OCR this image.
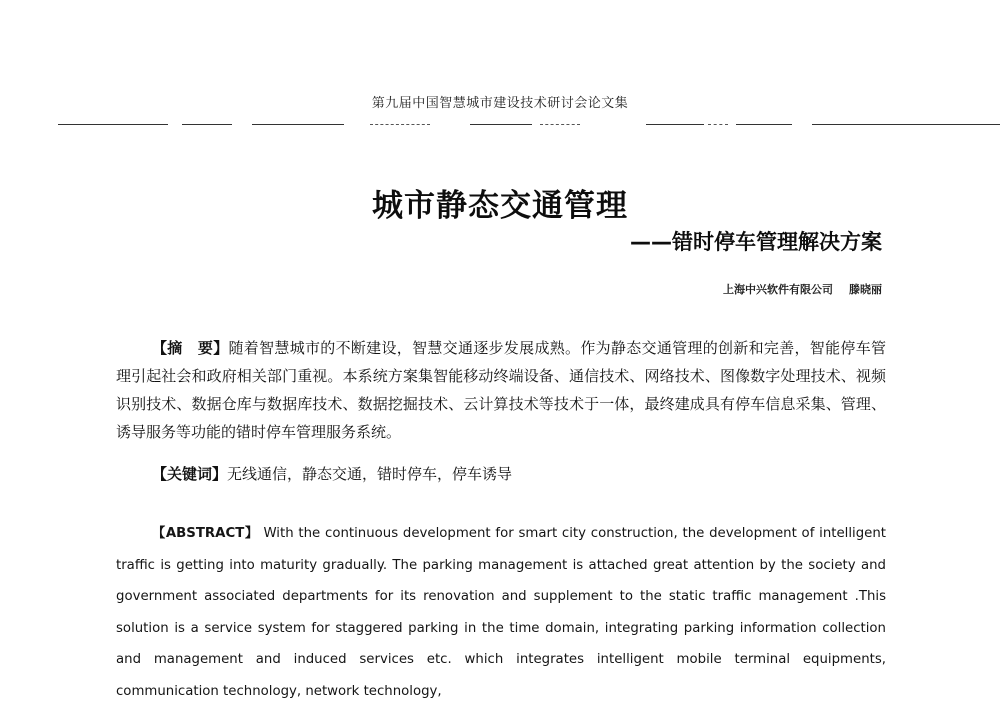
第九届中国智慧城市建设技术研讨会论文集
城市静态交通管理
——错时停车管理解决方案
上海中兴软件有限公司 滕晓丽

【摘　要】随着智慧城市的不断建设，智慧交通逐步发展成熟。作为静态交通管理的创新和完善，智能停车管理引起社会和政府相关部门重视。本系统方案集智能移动终端设备、通信技术、网络技术、图像数字处理技术、视频识别技术、数据仓库与数据库技术、数据挖掘技术、云计算技术等技术于一体，最终建成具有停车信息采集、管理、诱导服务等功能的错时停车管理服务系统。

【关键词】无线通信，静态交通，错时停车，停车诱导

【ABSTRACT】 With the continuous development for smart city construction, the development of intelligent traffic is getting into maturity gradually. The parking management is attached great attention by the society and government associated departments for its renovation and supplement to the static traffic management .This solution is a service system for staggered parking in the time domain, integrating parking information collection and management and induced services etc. which integrates intelligent mobile terminal equipments, communication technology, network technology,
